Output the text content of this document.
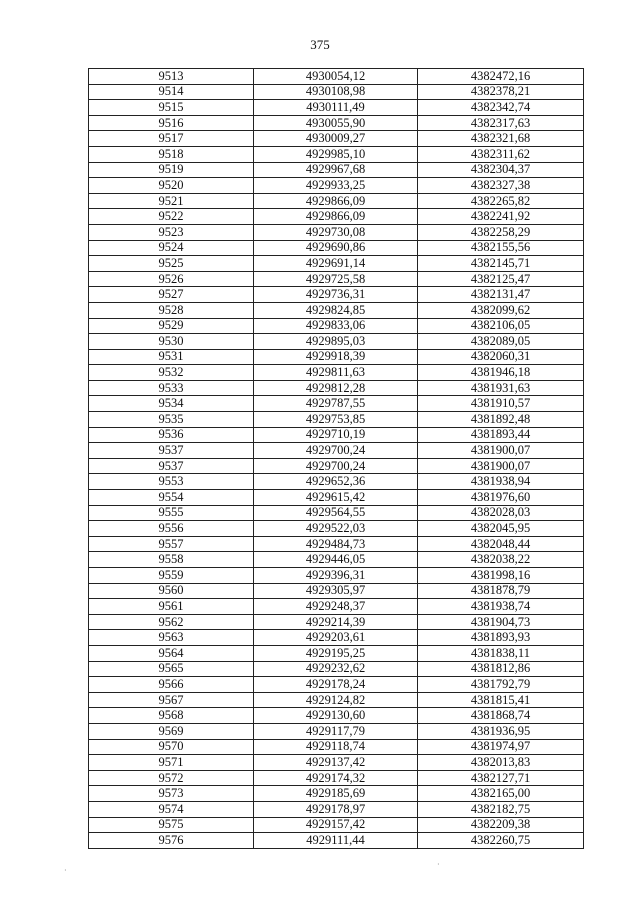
375
9513	4930054,12	4382472,16
9514	4930108,98	4382378,21
9515	4930111,49	4382342,74
9516	4930055,90	4382317,63
9517	4930009,27	4382321,68
9518	4929985,10	4382311,62
9519	4929967,68	4382304,37
9520	4929933,25	4382327,38
9521	4929866,09	4382265,82
9522	4929866,09	4382241,92
9523	4929730,08	4382258,29
9524	4929690,86	4382155,56
9525	4929691,14	4382145,71
9526	4929725,58	4382125,47
9527	4929736,31	4382131,47
9528	4929824,85	4382099,62
9529	4929833,06	4382106,05
9530	4929895,03	4382089,05
9531	4929918,39	4382060,31
9532	4929811,63	4381946,18
9533	4929812,28	4381931,63
9534	4929787,55	4381910,57
9535	4929753,85	4381892,48
9536	4929710,19	4381893,44
9537	4929700,24	4381900,07
9537	4929700,24	4381900,07
9553	4929652,36	4381938,94
9554	4929615,42	4381976,60
9555	4929564,55	4382028,03
9556	4929522,03	4382045,95
9557	4929484,73	4382048,44
9558	4929446,05	4382038,22
9559	4929396,31	4381998,16
9560	4929305,97	4381878,79
9561	4929248,37	4381938,74
9562	4929214,39	4381904,73
9563	4929203,61	4381893,93
9564	4929195,25	4381838,11
9565	4929232,62	4381812,86
9566	4929178,24	4381792,79
9567	4929124,82	4381815,41
9568	4929130,60	4381868,74
9569	4929117,79	4381936,95
9570	4929118,74	4381974,97
9571	4929137,42	4382013,83
9572	4929174,32	4382127,71
9573	4929185,69	4382165,00
9574	4929178,97	4382182,75
9575	4929157,42	4382209,38
9576	4929111,44	4382260,75
·
·
